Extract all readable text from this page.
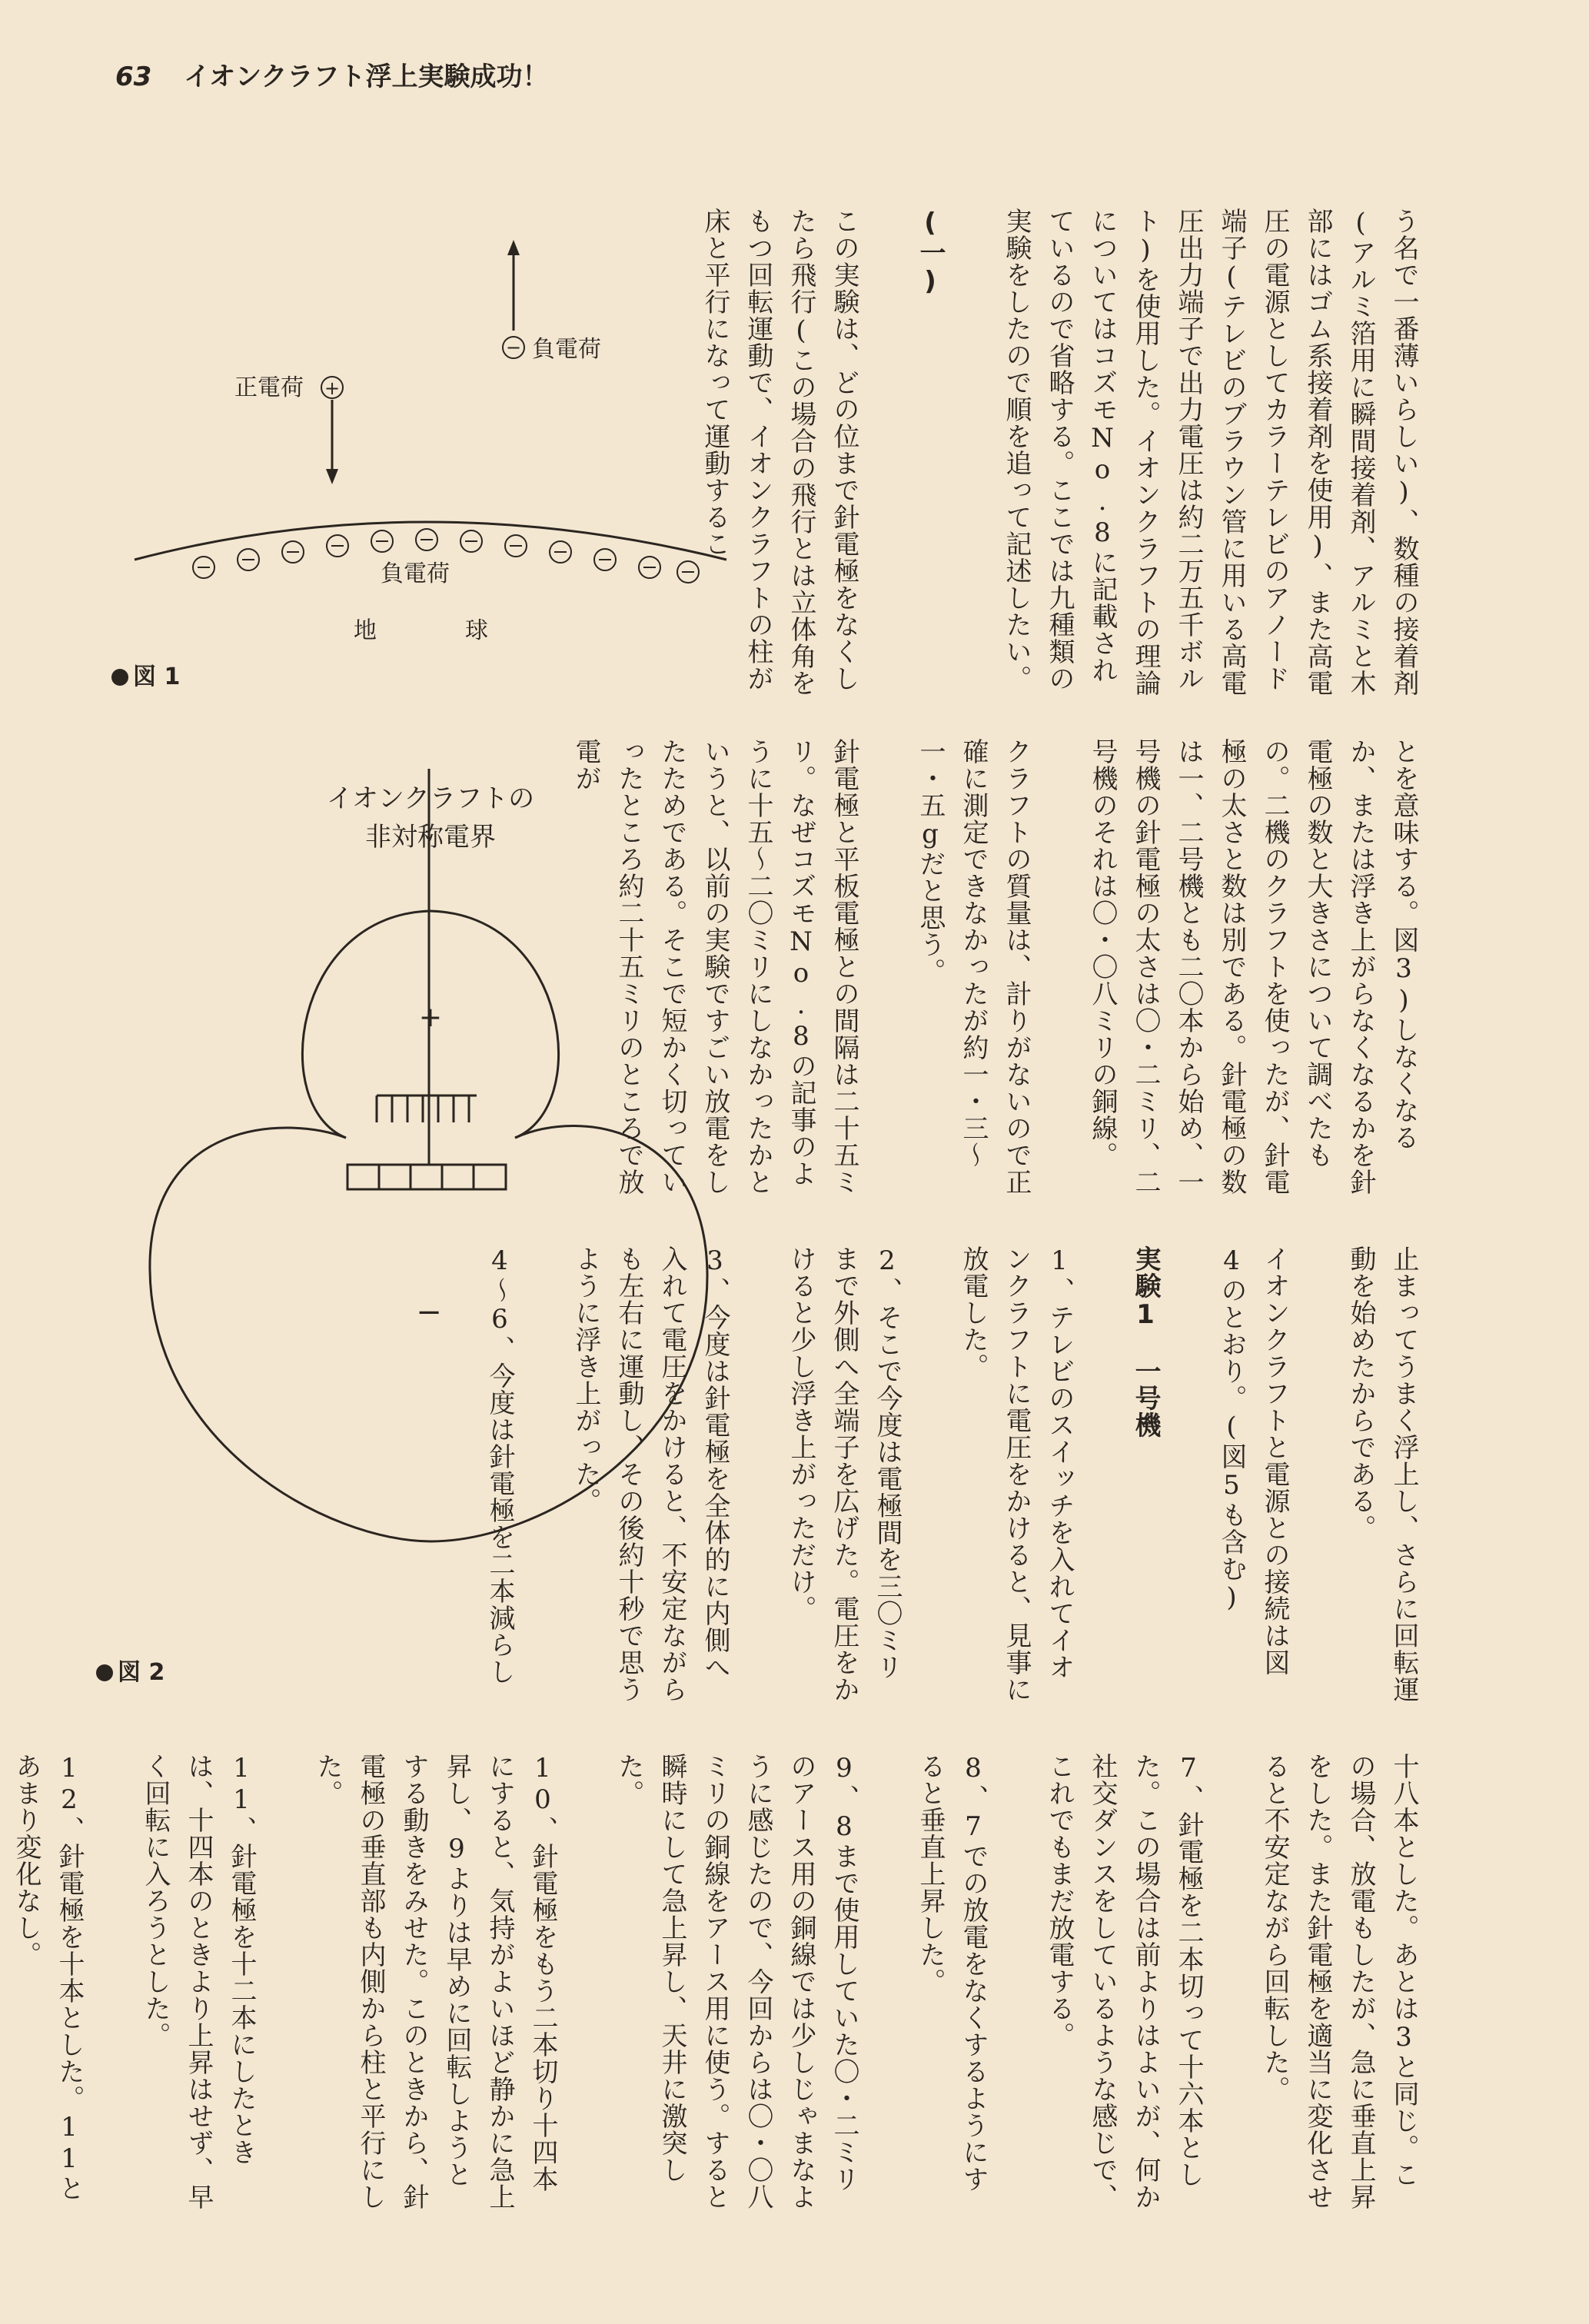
63 イオンクラフト浮上実験成功！
− 負電荷
正電荷 +
負電荷
地	球
図 1
イオンクラフトの
非対称電界
+
−
図 2

う名で一番薄いらしい)、数種の接着剤(アルミ箔用に瞬間接着剤、アルミと木部にはゴム系接着剤を使用)、また高電圧の電源としてカラーテレビのアノード端子(テレビのブラウン管に用いる高電圧出力端子で出力電圧は約二万五千ボルト)を使用した。イオンクラフトの理論についてはコズモNo.8に記載されているので省略する。ここでは九種類の実験をしたので順を追って記述したい。

(一)

この実験は、どの位まで針電極をなくしたら飛行(この場合の飛行とは立体角をもつ回転運動で、イオンクラフトの柱が床と平行になって運動するこ

とを意味する。図3)しなくなるか、または浮き上がらなくなるかを針電極の数と大きさについて調べたもの。二機のクラフトを使ったが、針電極の太さと数は別である。針電極の数は一、二号機とも二〇本から始め、一号機の針電極の太さは〇・二ミリ、二号機のそれは〇・〇八ミリの銅線。

クラフトの質量は、計りがないので正確に測定できなかったが約一・三〜一・五gだと思う。

針電極と平板電極との間隔は二十五ミリ。なぜコズモNo.8の記事のように十五〜二〇ミリにしなかったかというと、以前の実験ですごい放電をしたためである。そこで短かく切っていったところ約二十五ミリのところで放電が

止まってうまく浮上し、さらに回転運動を始めたからである。

イオンクラフトと電源との接続は図4のとおり。(図5も含む)

実験1　一号機

1、テレビのスイッチを入れてイオンクラフトに電圧をかけると、見事に放電した。

2、そこで今度は電極間を三〇ミリまで外側へ全端子を広げた。電圧をかけると少し浮き上がっただけ。

3、今度は針電極を全体的に内側へ入れて電圧をかけると、不安定ながらも左右に運動し、その後約十秒で思うように浮き上がった。

4〜6、今度は針電極を二本減らし

十八本とした。あとは3と同じ。この場合、放電もしたが、急に垂直上昇をした。また針電極を適当に変化させると不安定ながら回転した。

7、針電極を二本切って十六本とした。この場合は前よりはよいが、何か社交ダンスをしているような感じで、これでもまだ放電する。

8、7での放電をなくするようにすると垂直上昇した。

9、8まで使用していた〇・二ミリのアース用の銅線では少しじゃまなように感じたので、今回からは〇・〇八ミリの銅線をアース用に使う。すると瞬時にして急上昇し、天井に激突した。

10、針電極をもう二本切り十四本にすると、気持がよいほど静かに急上昇し、9よりは早めに回転しようとする動きをみせた。このときから、針電極の垂直部も内側から柱と平行にした。

11、針電極を十二本にしたときは、十四本のときより上昇はせず、早く回転に入ろうとした。

12、針電極を十本とした。11とあまり変化なし。
